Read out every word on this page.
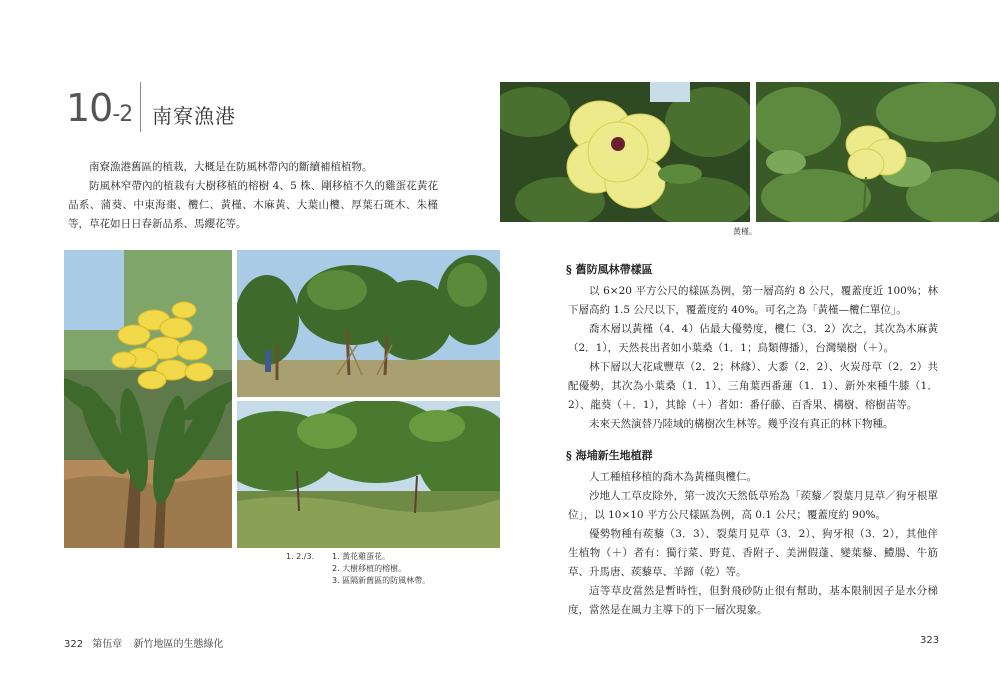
10-2 南寮漁港

南寮漁港舊區的植栽，大概是在防風林帶內的斷續補植植物。

防風林窄帶內的植栽有大樹移植的榕樹 4、5 株、剛移植不久的雞蛋花黃花品系、蒲葵、中東海棗、欖仁、黃槿、木麻黃、大葉山欖、厚葉石斑木、朱槿等，草花如日日春新品系、馬纓花等。

1. 2./3. 1. 黃花雞蛋花。
2. 大樹移植的榕樹。
3. 區隔新舊區的防風林帶。
322 第伍章 新竹地區的生態綠化
黃槿。
§ 舊防風林帶樣區

以 6×20 平方公尺的樣區為例，第一層高約 8 公尺，覆蓋度近 100%；林下層高約 1.5 公尺以下，覆蓋度約 40%。可名之為「黃槿—欖仁單位」。

喬木層以黃槿（4．4）佔最大優勢度，欖仁（3．2）次之，其次為木麻黃（2．1），天然長出者如小葉桑（1．1；鳥類傳播），台灣欒樹（＋）。

林下層以大花咸豐草（2．2；林緣）、大黍（2．2）、火炭母草（2．2）共配優勢，其次為小葉桑（1．1）、三角葉西番蓮（1．1）、新外來種牛膝（1．2）、龍葵（＋．1），其餘（＋）者如：番仔藤、百香果、構樹、榕樹苗等。

未來天然演替乃陸域的構樹次生林等。幾乎沒有真正的林下物種。

§ 海埔新生地植群

人工種植移植的喬木為黃槿與欖仁。

沙地人工草皮除外，第一波次天然低草殆為「蒺藜／裂葉月見草／狗牙根單位」，以 10×10 平方公尺樣區為例，高 0.1 公尺；覆蓋度約 90%。

優勢物種有蒺藜（3．3）、裂葉月見草（3．2）、狗牙根（3．2），其他伴生植物（＋）者有：獨行菜、野莧、香附子、美洲假蓬、變葉藜、鱧腸、牛筋草、升馬唐、蒺藜草、羊蹄（乾）等。

這等草皮當然是暫時性，但對飛砂防止很有幫助，基本限制因子是水分梯度，當然是在風力主導下的下一層次現象。

323
